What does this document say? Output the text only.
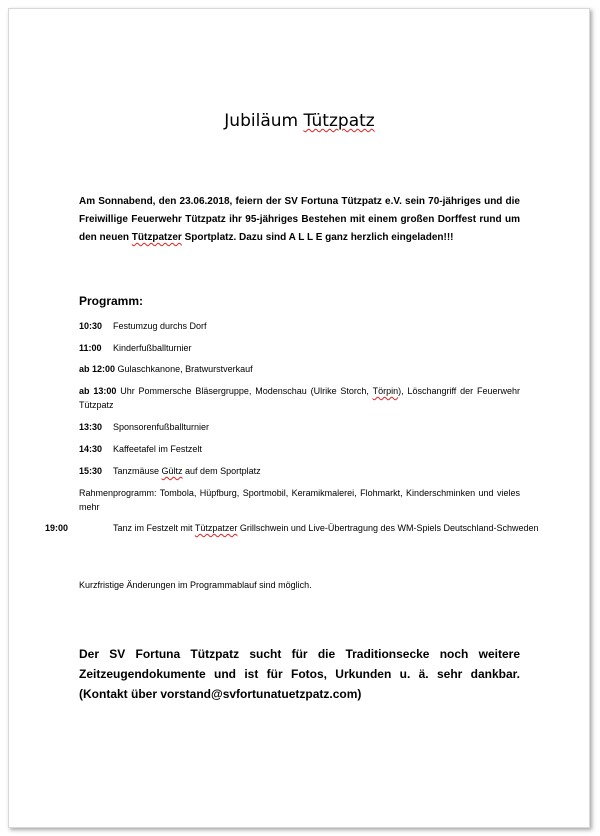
Jubiläum Tützpatz
Am Sonnabend, den 23.06.2018, feiern der SV Fortuna Tützpatz e.V. sein 70-jähriges und die Freiwillige Feuerwehr Tützpatz ihr 95-jähriges Bestehen mit einem großen Dorffest rund um den neuen Tützpatzer Sportplatz. Dazu sind A L L E ganz herzlich eingeladen!!!
Programm:
10:30 Festumzug durchs Dorf
11:00 Kinderfußballturnier
ab 12:00 Gulaschkanone, Bratwurstverkauf
ab 13:00 Uhr Pommersche Bläsergruppe, Modenschau (Ulrike Storch, Törpin), Löschangriff der Feuerwehr Tützpatz
13:30 Sponsorenfußballturnier
14:30 Kaffeetafel im Festzelt
15:30 Tanzmäuse Gültz auf dem Sportplatz
Rahmenprogramm: Tombola, Hüpfburg, Sportmobil, Keramikmalerei, Flohmarkt, Kinderschminken und vieles mehr
19:00	Tanz im Festzelt mit Tützpatzer Grillschwein und Live-Übertragung des WM-Spiels Deutschland-Schweden
Kurzfristige Änderungen im Programmablauf sind möglich.
Der SV Fortuna Tützpatz sucht für die Traditionsecke noch weitere Zeitzeugendokumente und ist für Fotos, Urkunden u. ä. sehr dankbar. (Kontakt über vorstand@svfortunatuetzpatz.com)
